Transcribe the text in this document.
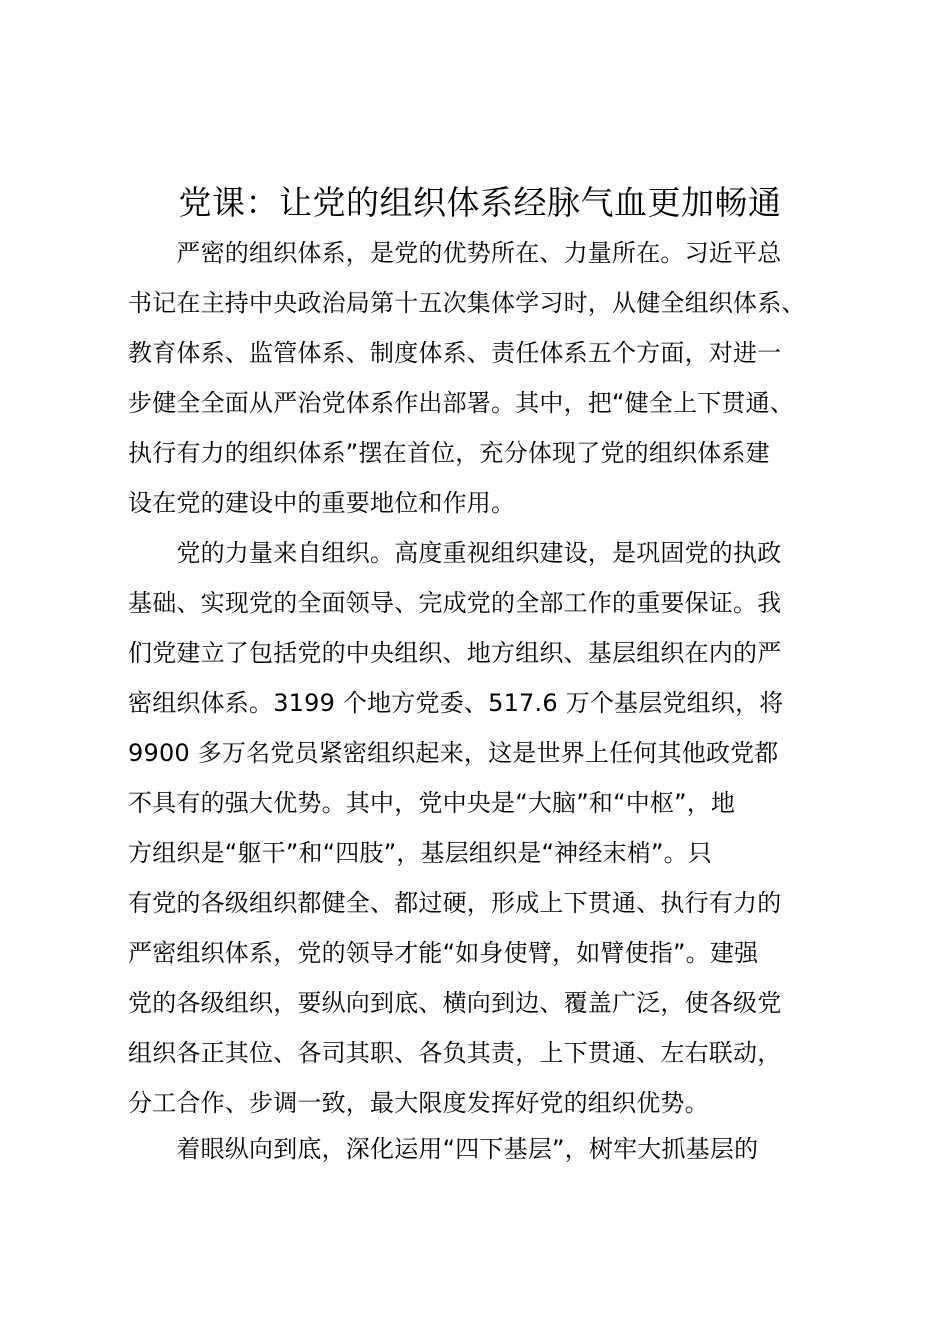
党课：让党的组织体系经脉气血更加畅通

　　严密的组织体系，是党的优势所在、力量所在。习近平总
书记在主持中央政治局第十五次集体学习时，从健全组织体系、
教育体系、监管体系、制度体系、责任体系五个方面，对进一
步健全全面从严治党体系作出部署。其中，把“健全上下贯通、
执行有力的组织体系”摆在首位，充分体现了党的组织体系建
设在党的建设中的重要地位和作用。

　　党的力量来自组织。高度重视组织建设，是巩固党的执政
基础、实现党的全面领导、完成党的全部工作的重要保证。我
们党建立了包括党的中央组织、地方组织、基层组织在内的严
密组织体系。3199 个地方党委、517.6 万个基层党组织，将
9900 多万名党员紧密组织起来，这是世界上任何其他政党都
不具有的强大优势。其中，党中央是“大脑”和“中枢”，地
方组织是“躯干”和“四肢”，基层组织是“神经末梢”。只
有党的各级组织都健全、都过硬，形成上下贯通、执行有力的
严密组织体系，党的领导才能“如身使臂，如臂使指”。建强
党的各级组织，要纵向到底、横向到边、覆盖广泛，使各级党
组织各正其位、各司其职、各负其责，上下贯通、左右联动，
分工合作、步调一致，最大限度发挥好党的组织优势。

　　着眼纵向到底，深化运用“四下基层”，树牢大抓基层的
